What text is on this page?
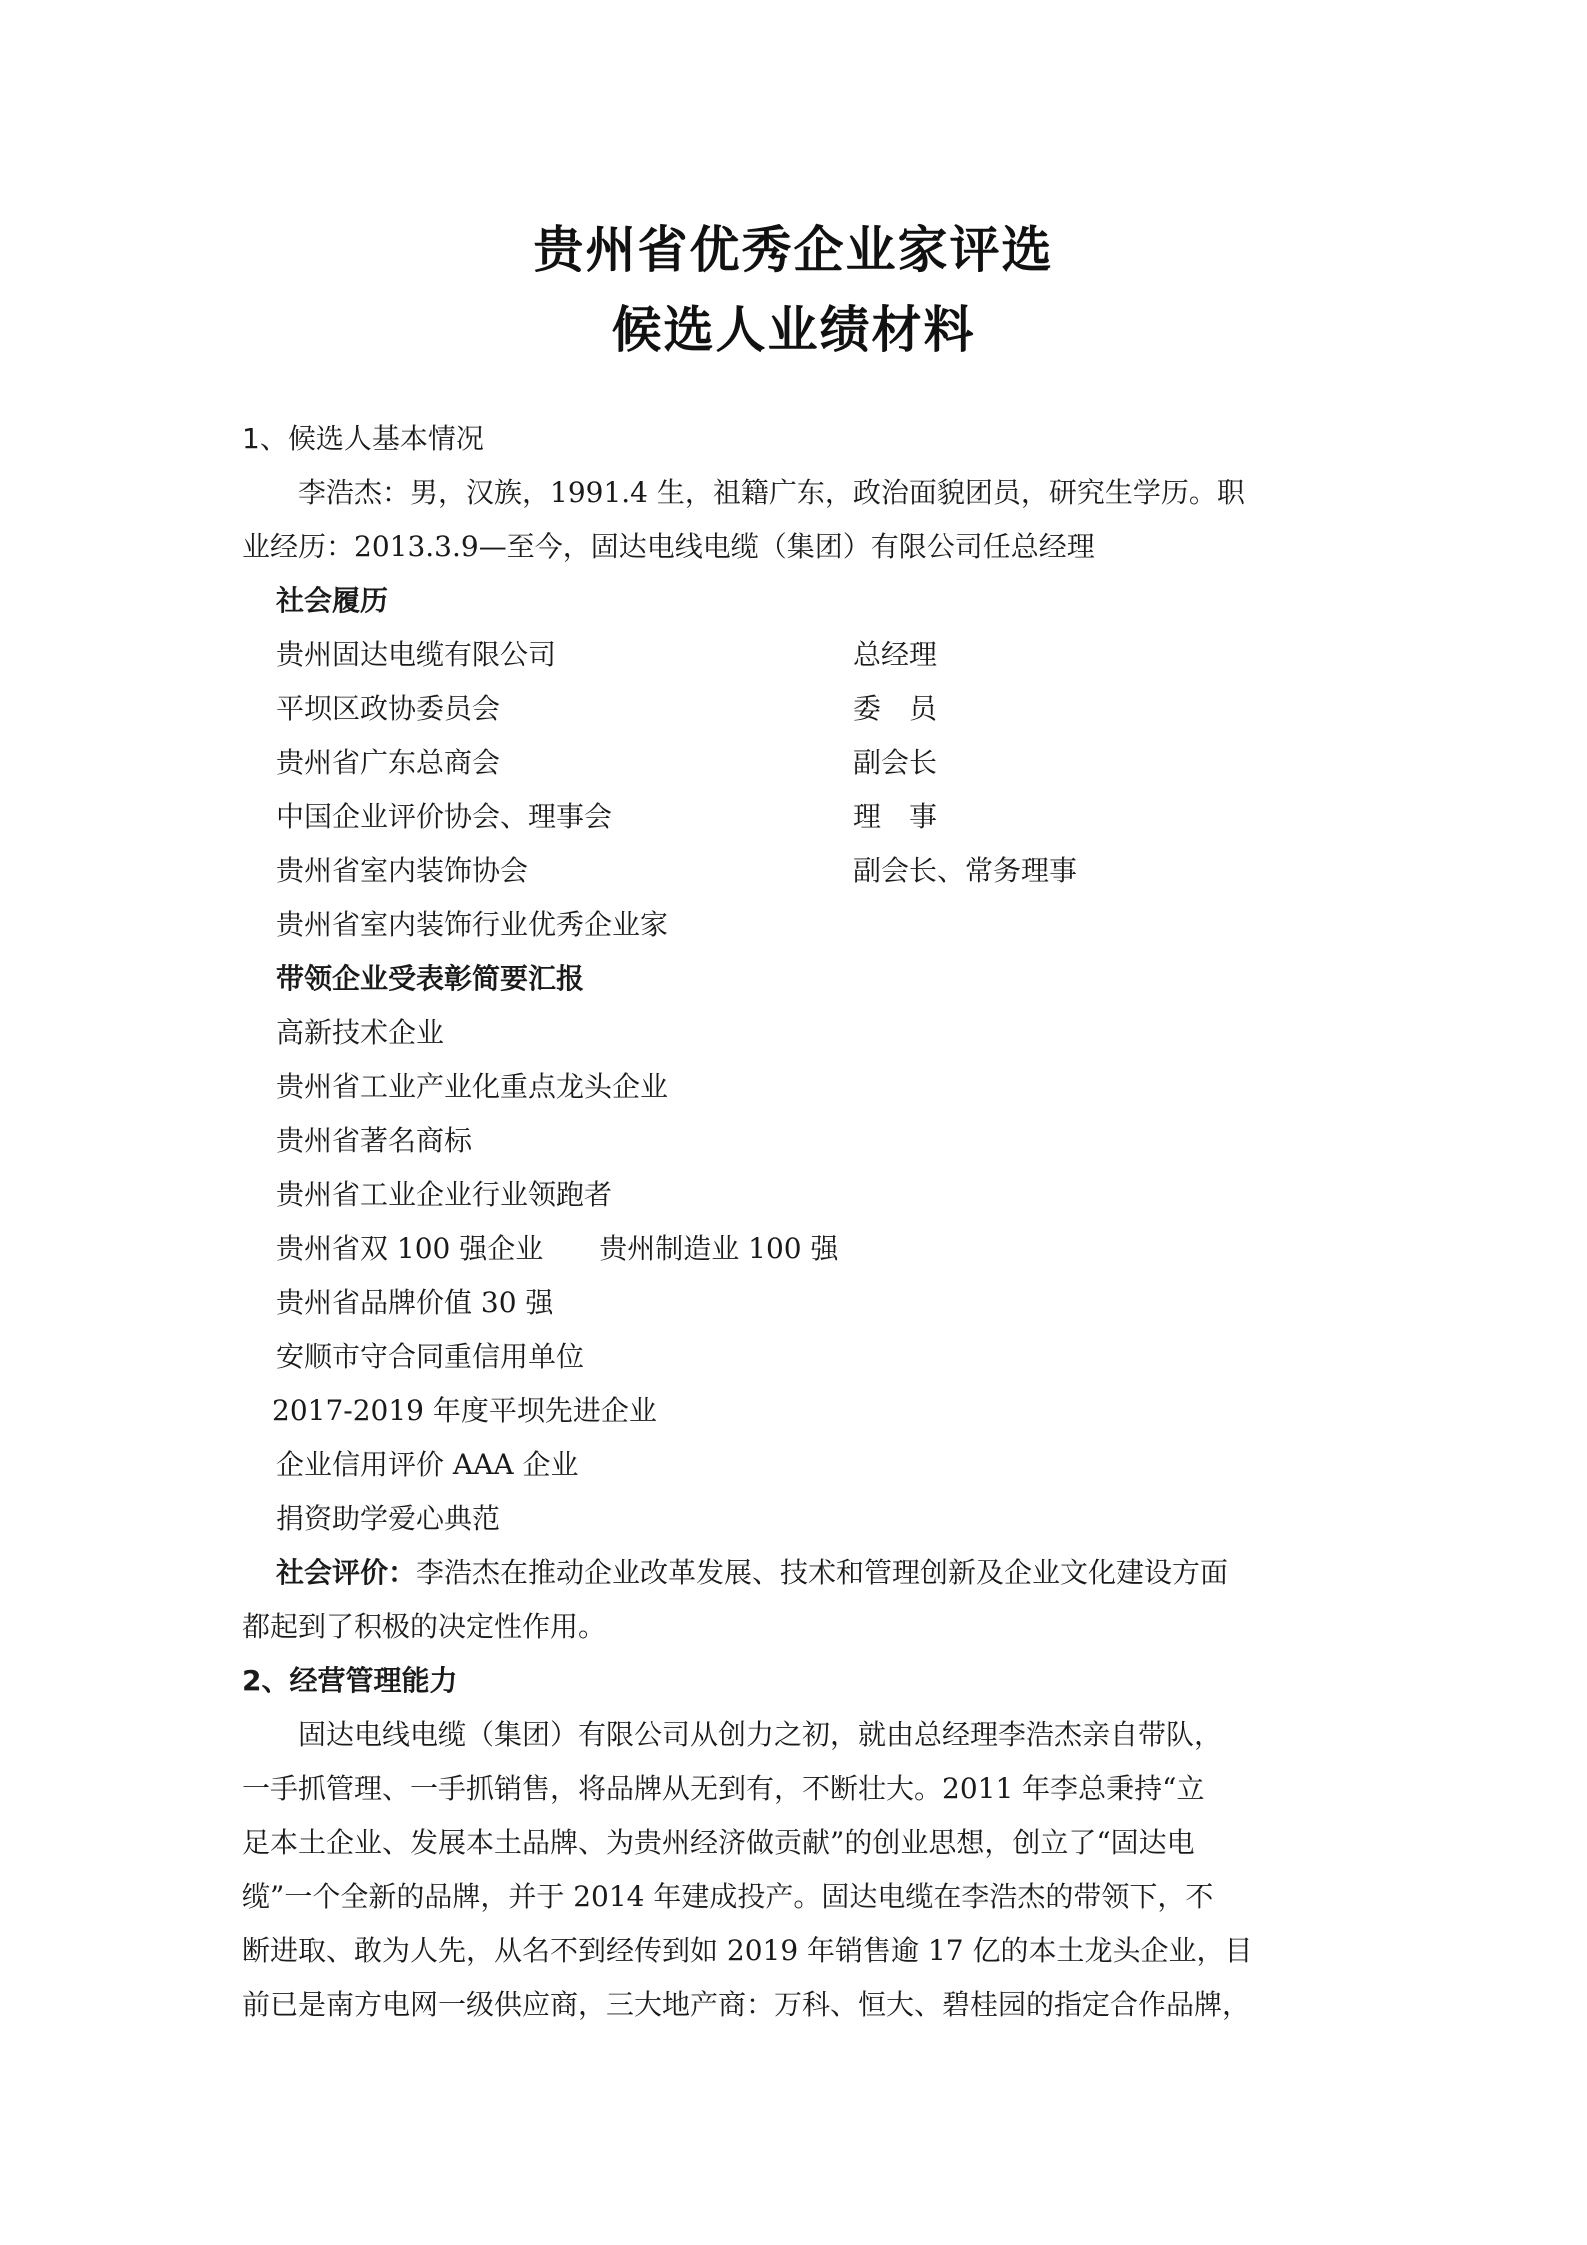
贵州省优秀企业家评选
候选人业绩材料
1、候选人基本情况
李浩杰：男，汉族，1991.4 生，祖籍广东，政治面貌团员，研究生学历。职
业经历：2013.3.9—至今，固达电线电缆（集团）有限公司任总经理
社会履历
贵州固达电缆有限公司	总经理
平坝区政协委员会	委　员
贵州省广东总商会	副会长
中国企业评价协会、理事会	理　事
贵州省室内装饰协会	副会长、常务理事
贵州省室内装饰行业优秀企业家
带领企业受表彰简要汇报
高新技术企业
贵州省工业产业化重点龙头企业
贵州省著名商标
贵州省工业企业行业领跑者
贵州省双 100 强企业　　贵州制造业 100 强
贵州省品牌价值 30 强
安顺市守合同重信用单位
2017-2019 年度平坝先进企业
企业信用评价 AAA 企业
捐资助学爱心典范
社会评价：李浩杰在推动企业改革发展、技术和管理创新及企业文化建设方面
都起到了积极的决定性作用。
2、经营管理能力
固达电线电缆（集团）有限公司从创力之初，就由总经理李浩杰亲自带队，
一手抓管理、一手抓销售，将品牌从无到有，不断壮大。2011 年李总秉持“立
足本土企业、发展本土品牌、为贵州经济做贡献”的创业思想，创立了“固达电
缆”一个全新的品牌，并于 2014 年建成投产。固达电缆在李浩杰的带领下，不
断进取、敢为人先，从名不到经传到如 2019 年销售逾 17 亿的本土龙头企业，目
前已是南方电网一级供应商，三大地产商：万科、恒大、碧桂园的指定合作品牌，
